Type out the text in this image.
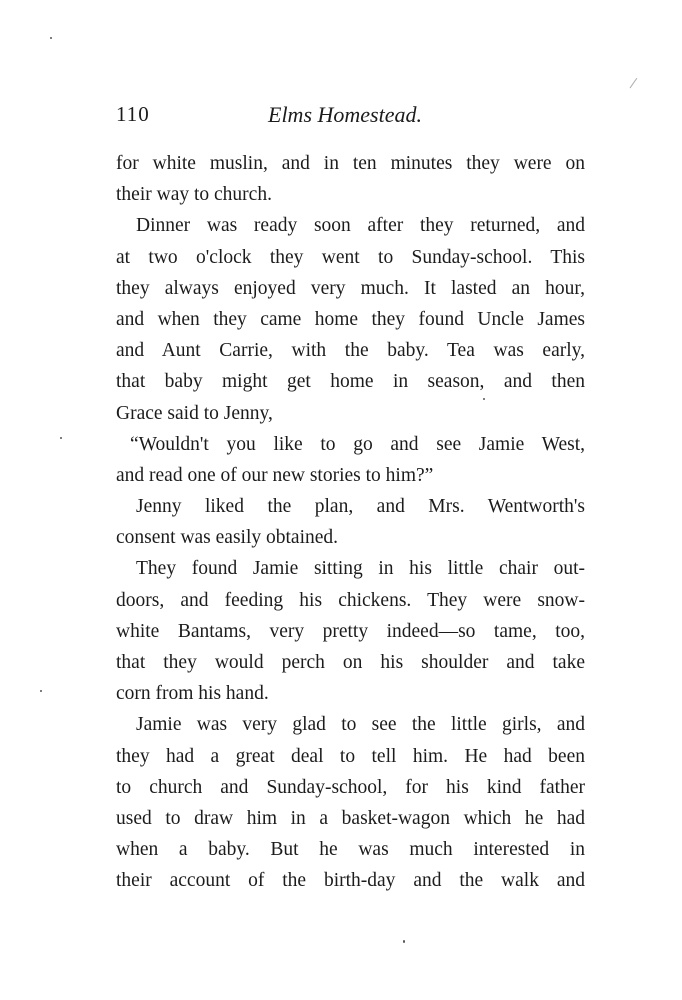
110	Elms Homestead.
for white muslin, and in ten minutes they were on
their way to church.
Dinner was ready soon after they returned, and
at two o'clock they went to Sunday-school. This
they always enjoyed very much. It lasted an hour,
and when they came home they found Uncle James
and Aunt Carrie, with the baby. Tea was early,
that baby might get home in season, and then
Grace said to Jenny,
“Wouldn't you like to go and see Jamie West,
and read one of our new stories to him?”
Jenny liked the plan, and Mrs. Wentworth's
consent was easily obtained.
They found Jamie sitting in his little chair out-
doors, and feeding his chickens. They were snow-
white Bantams, very pretty indeed—so tame, too,
that they would perch on his shoulder and take
corn from his hand.
Jamie was very glad to see the little girls, and
they had a great deal to tell him. He had been
to church and Sunday-school, for his kind father
used to draw him in a basket-wagon which he had
when a baby. But he was much interested in
their account of the birth-day and the walk and
